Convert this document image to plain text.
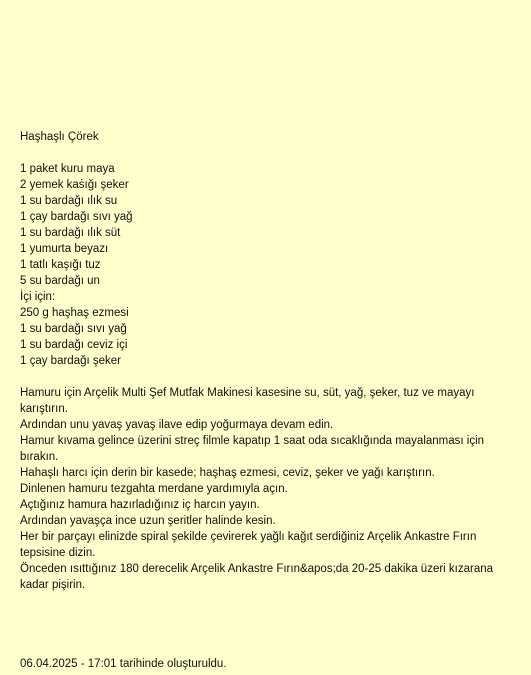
Haşhaşlı Çörek
1 paket kuru maya
2 yemek kaṡığı şeker
1 su bardağı ılık su
1 çay bardağı sıvı yağ
1 su bardağı ılık süt
1 yumurta beyazı
1 tatlı kaşığı tuz
5 su bardağı un
İçi için:
250 g haşhaş ezmesi
1 su bardağı sıvı yağ
1 su bardağı ceviz içi
1 çay bardağı şeker
Hamuru için Arçelik Multi Şef Mutfak Makinesi kasesine su, süt, yağ, şeker, tuz ve mayayı karıştırın.
Ardından unu yavaş yavaş ilave edip yoğurmaya devam edin.
Hamur kıvama gelince üzerini streç filmle kapatıp 1 saat oda sıcaklığında mayalanması için bırakın.
Hahaşlı harcı için derin bir kasede; haşhaş ezmesi, ceviz, şeker ve yağı karıştırın.
Dinlenen hamuru tezgahta merdane yardımıyla açın.
Açtığınız hamura hazırladığınız iç harcın yayın.
Ardından yavaşça ince uzun şeritler halinde kesin.
Her bir parçayı elinizde spiral şekilde çevirerek yağlı kağıt serdiğiniz Arçelik Ankastre Fırın tepsisine dizin.
Önceden ısıttığınız 180 derecelik Arçelik Ankastre Fırın&apos;da 20-25 dakika üzeri kızarana kadar pişirin.
06.04.2025 - 17:01 tarihinde oluşturuldu.
